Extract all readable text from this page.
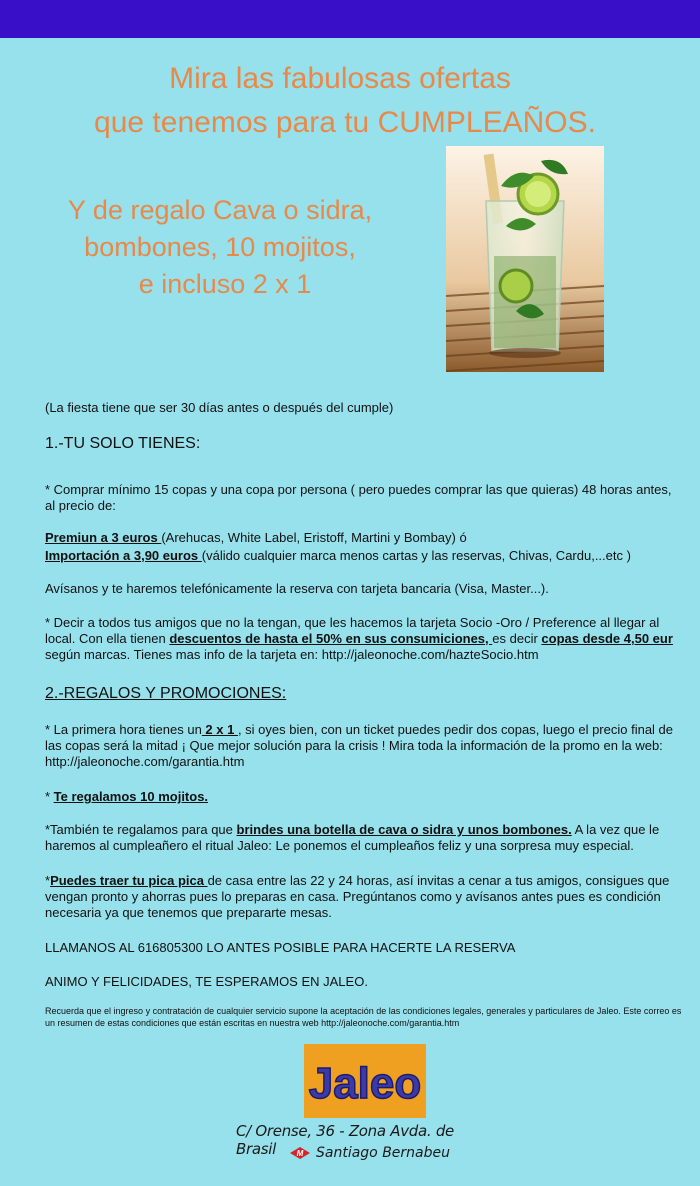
Mira las fabulosas ofertas
que tenemos para tu CUMPLEAÑOS.
Y de regalo Cava o sidra,
bombones, 10 mojitos,
e incluso 2 x 1
(La fiesta tiene que ser 30 días antes o después del cumple)
1.-TU SOLO TIENES:
* Comprar mínimo 15 copas y una copa por persona ( pero puedes comprar las que quieras) 48 horas antes, al precio de:
Premiun a 3 euros (Arehucas, White Label, Eristoff, Martini y Bombay) ó
Importación a 3,90 euros (válido cualquier marca menos cartas y las reservas, Chivas, Cardu,...etc )
Avísanos y te haremos telefónicamente la reserva con tarjeta bancaria (Visa, Master...).
* Decir a todos tus amigos que no la tengan, que les hacemos la tarjeta Socio -Oro / Preference al llegar al local. Con ella tienen descuentos de hasta el 50% en sus consumiciones, es decir copas desde 4,50 eur según marcas. Tienes mas info de la tarjeta en: http://jaleonoche.com/hazteSocio.htm
2.-REGALOS Y PROMOCIONES:
* La primera hora tienes un 2 x 1 , si oyes bien, con un ticket puedes pedir dos copas, luego el precio final de las copas será la mitad ¡ Que mejor solución para la crisis ! Mira toda la información de la promo en la web: http://jaleonoche.com/garantia.htm
* Te regalamos 10 mojitos.
*También te regalamos para que brindes una botella de cava o sidra y unos bombones. A la vez que le haremos al cumpleañero el ritual Jaleo: Le ponemos el cumpleaños feliz y una sorpresa muy especial.
*Puedes traer tu pica pica de casa entre las 22 y 24 horas, así invitas a cenar a tus amigos, consigues que vengan pronto y ahorras pues lo preparas en casa. Pregúntanos como y avísanos antes pues es condición necesaria ya que tenemos que prepararte mesas.
LLAMANOS AL 616805300 LO ANTES POSIBLE PARA HACERTE LA RESERVA
ANIMO Y FELICIDADES, TE ESPERAMOS EN JALEO.
Recuerda que el ingreso y contratación de cualquier servicio supone la aceptación de las condiciones legales, generales y particulares de Jaleo. Este correo es un resumen de estas condiciones que están escritas en nuestra web http://jaleonoche.com/garantia.htm
Jaleo
C/ Orense, 36 - Zona Avda. de Brasil	M Santiago Bernabeu
